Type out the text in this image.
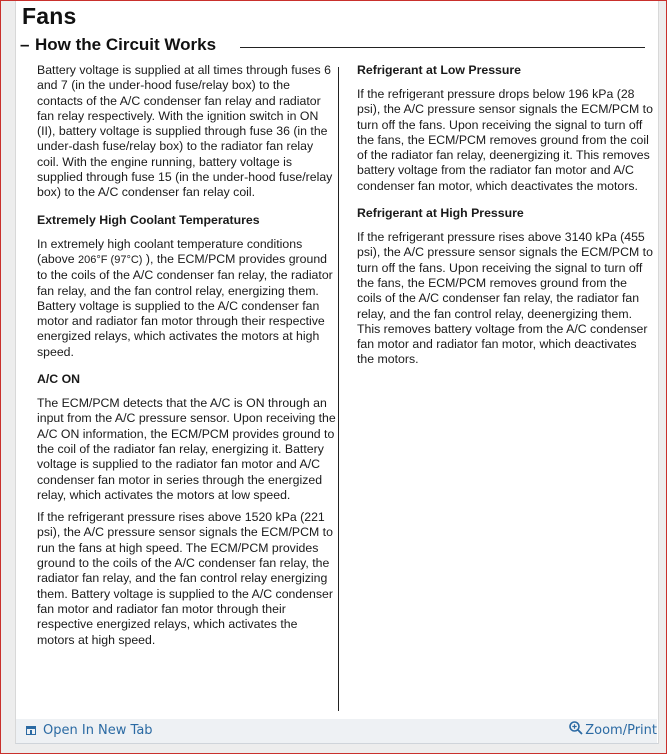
Fans
– How the Circuit Works

Battery voltage is supplied at all times through fuses 6 and 7 (in the under-hood fuse/relay box) to the contacts of the A/C condenser fan relay and radiator fan relay respectively. With the ignition switch in ON (II), battery voltage is supplied through fuse 36 (in the under-dash fuse/relay box) to the radiator fan relay coil. With the engine running, battery voltage is supplied through fuse 15 (in the under-hood fuse/relay box) to the A/C condenser fan relay coil.

Extremely High Coolant Temperatures

In extremely high coolant temperature conditions (above 206°F (97°C) ), the ECM/PCM provides ground to the coils of the A/C condenser fan relay, the radiator fan relay, and the fan control relay, energizing them. Battery voltage is supplied to the A/C condenser fan motor and radiator fan motor through their respective energized relays, which activates the motors at high speed.

A/C ON

The ECM/PCM detects that the A/C is ON through an input from the A/C pressure sensor. Upon receiving the A/C ON information, the ECM/PCM provides ground to the coil of the radiator fan relay, energizing it. Battery voltage is supplied to the radiator fan motor and A/C condenser fan motor in series through the energized relay, which activates the motors at low speed.

If the refrigerant pressure rises above 1520 kPa (221 psi), the A/C pressure sensor signals the ECM/PCM to run the fans at high speed. The ECM/PCM provides ground to the coils of the A/C condenser fan relay, the radiator fan relay, and the fan control relay energizing them. Battery voltage is supplied to the A/C condenser fan motor and radiator fan motor through their respective energized relays, which activates the motors at high speed.

Refrigerant at Low Pressure

If the refrigerant pressure drops below 196 kPa (28 psi), the A/C pressure sensor signals the ECM/PCM to turn off the fans. Upon receiving the signal to turn off the fans, the ECM/PCM removes ground from the coil of the radiator fan relay, deenergizing it. This removes battery voltage from the radiator fan motor and A/C condenser fan motor, which deactivates the motors.

Refrigerant at High Pressure

If the refrigerant pressure rises above 3140 kPa (455 psi), the A/C pressure sensor signals the ECM/PCM to turn off the fans. Upon receiving the signal to turn off the fans, the ECM/PCM removes ground from the coils of the A/C condenser fan relay, the radiator fan relay, and the fan control relay, deenergizing them. This removes battery voltage from the A/C condenser fan motor and radiator fan motor, which deactivates the motors.

Open In New Tab	Zoom/Print
